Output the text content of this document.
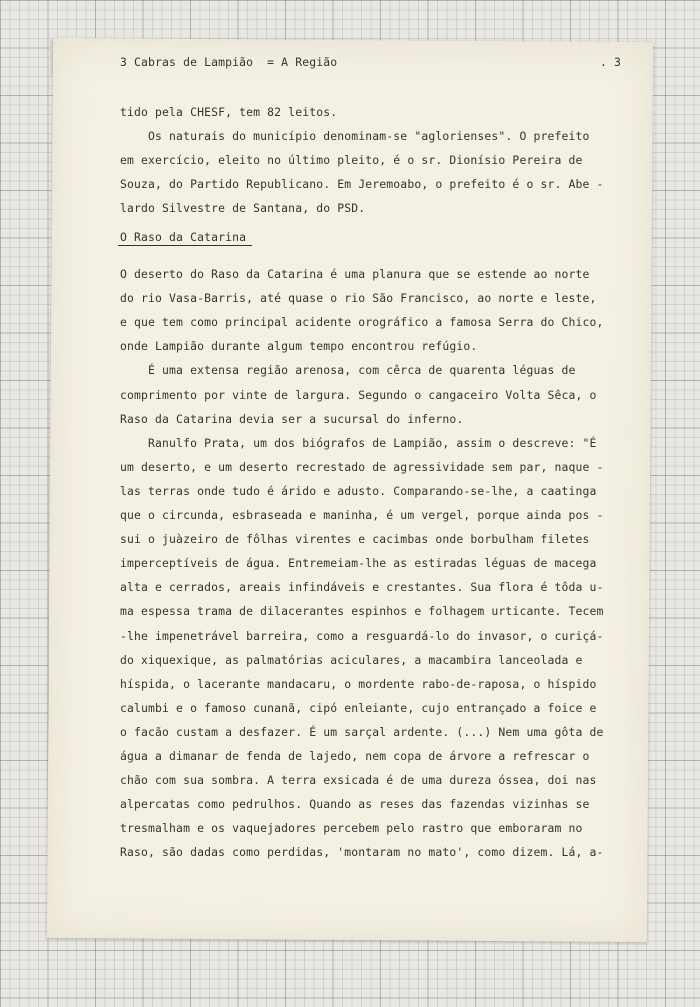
3 Cabras de Lampião  = A Região	. 3
tido pela CHESF, tem 82 leitos.
Os naturais do município denominam-se "aglorienses". O prefeito
em exercício, eleito no último pleito, é o sr. Dionísio Pereira de
Souza, do Partido Republicano. Em Jeremoabo, o prefeito é o sr. Abe -
lardo Silvestre de Santana, do PSD.
O Raso da Catarina
O deserto do Raso da Catarina é uma planura que se estende ao norte
do rio Vasa-Barris, até quase o rio São Francisco, ao norte e leste,
e que tem como principal acidente orográfico a famosa Serra do Chico,
onde Lampião durante algum tempo encontrou refúgio.
É uma extensa região arenosa, com cêrca de quarenta léguas de
comprimento por vinte de largura. Segundo o cangaceiro Volta Sêca, o
Raso da Catarina devia ser a sucursal do inferno.
Ranulfo Prata, um dos biógrafos de Lampião, assim o descreve: "É
um deserto, e um deserto recrestado de agressividade sem par, naque -
las terras onde tudo é árido e adusto. Comparando-se-lhe, a caatinga
que o circunda, esbraseada e maninha, é um vergel, porque ainda pos -
sui o juàzeiro de fôlhas virentes e cacimbas onde borbulham filetes
imperceptíveis de água. Entremeiam-lhe as estiradas léguas de macega
alta e cerrados, areais infindáveis e crestantes. Sua flora é tôda u-
ma espessa trama de dilacerantes espinhos e folhagem urticante. Tecem
-lhe impenetrável barreira, como a resguardá-lo do invasor, o curiçá-
do xiquexique, as palmatórias aciculares, a macambira lanceolada e
híspida, o lacerante mandacaru, o mordente rabo-de-raposa, o híspido
calumbi e o famoso cunanã, cipó enleiante, cujo entrançado a foice e
o facão custam a desfazer. É um sarçal ardente. (...) Nem uma gôta de
água a dimanar de fenda de lajedo, nem copa de árvore a refrescar o
chão com sua sombra. A terra exsicada é de uma dureza óssea, doi nas
alpercatas como pedrulhos. Quando as reses das fazendas vizinhas se
tresmalham e os vaquejadores percebem pelo rastro que emboraram no
Raso, são dadas como perdidas, 'montaram no mato', como dizem. Lá, a-
